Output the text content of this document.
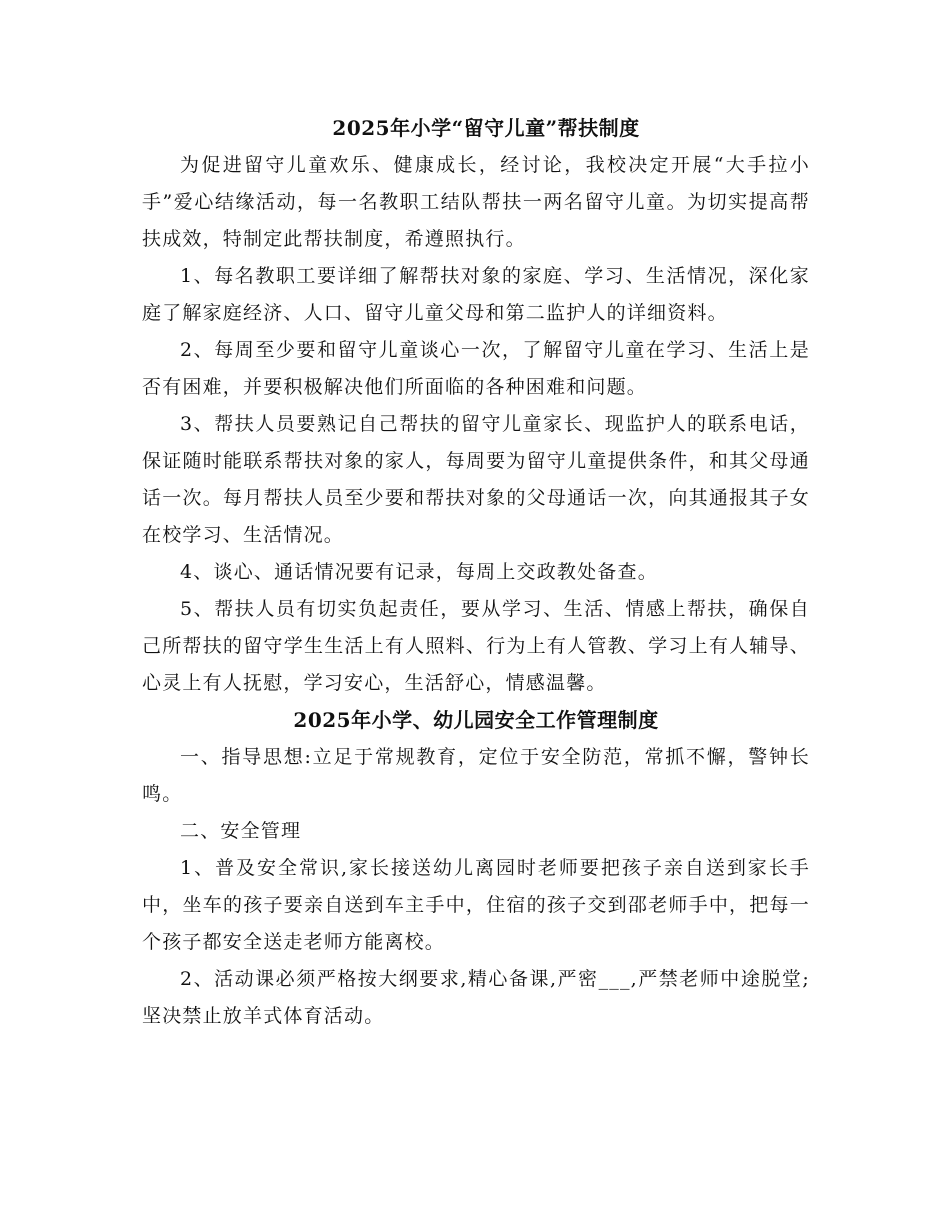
2025年小学“留守儿童”帮扶制度

为促进留守儿童欢乐、健康成长，经讨论，我校决定开展“大手拉小手”爱心结缘活动，每一名教职工结队帮扶一两名留守儿童。为切实提高帮扶成效，特制定此帮扶制度，希遵照执行。

1、每名教职工要详细了解帮扶对象的家庭、学习、生活情况，深化家庭了解家庭经济、人口、留守儿童父母和第二监护人的详细资料。

2、每周至少要和留守儿童谈心一次，了解留守儿童在学习、生活上是否有困难，并要积极解决他们所面临的各种困难和问题。

3、帮扶人员要熟记自己帮扶的留守儿童家长、现监护人的联系电话，保证随时能联系帮扶对象的家人，每周要为留守儿童提供条件，和其父母通话一次。每月帮扶人员至少要和帮扶对象的父母通话一次，向其通报其子女在校学习、生活情况。

4、谈心、通话情况要有记录，每周上交政教处备查。

5、帮扶人员有切实负起责任，要从学习、生活、情感上帮扶，确保自己所帮扶的留守学生生活上有人照料、行为上有人管教、学习上有人辅导、心灵上有人抚慰，学习安心，生活舒心，情感温馨。

2025年小学、幼儿园安全工作管理制度

一、指导思想:立足于常规教育，定位于安全防范，常抓不懈，警钟长鸣。

二、安全管理

1、普及安全常识,家长接送幼儿离园时老师要把孩子亲自送到家长手中，坐车的孩子要亲自送到车主手中，住宿的孩子交到邵老师手中，把每一个孩子都安全送走老师方能离校。

2、活动课必须严格按大纲要求,精心备课,严密___,严禁老师中途脱堂;坚决禁止放羊式体育活动。
